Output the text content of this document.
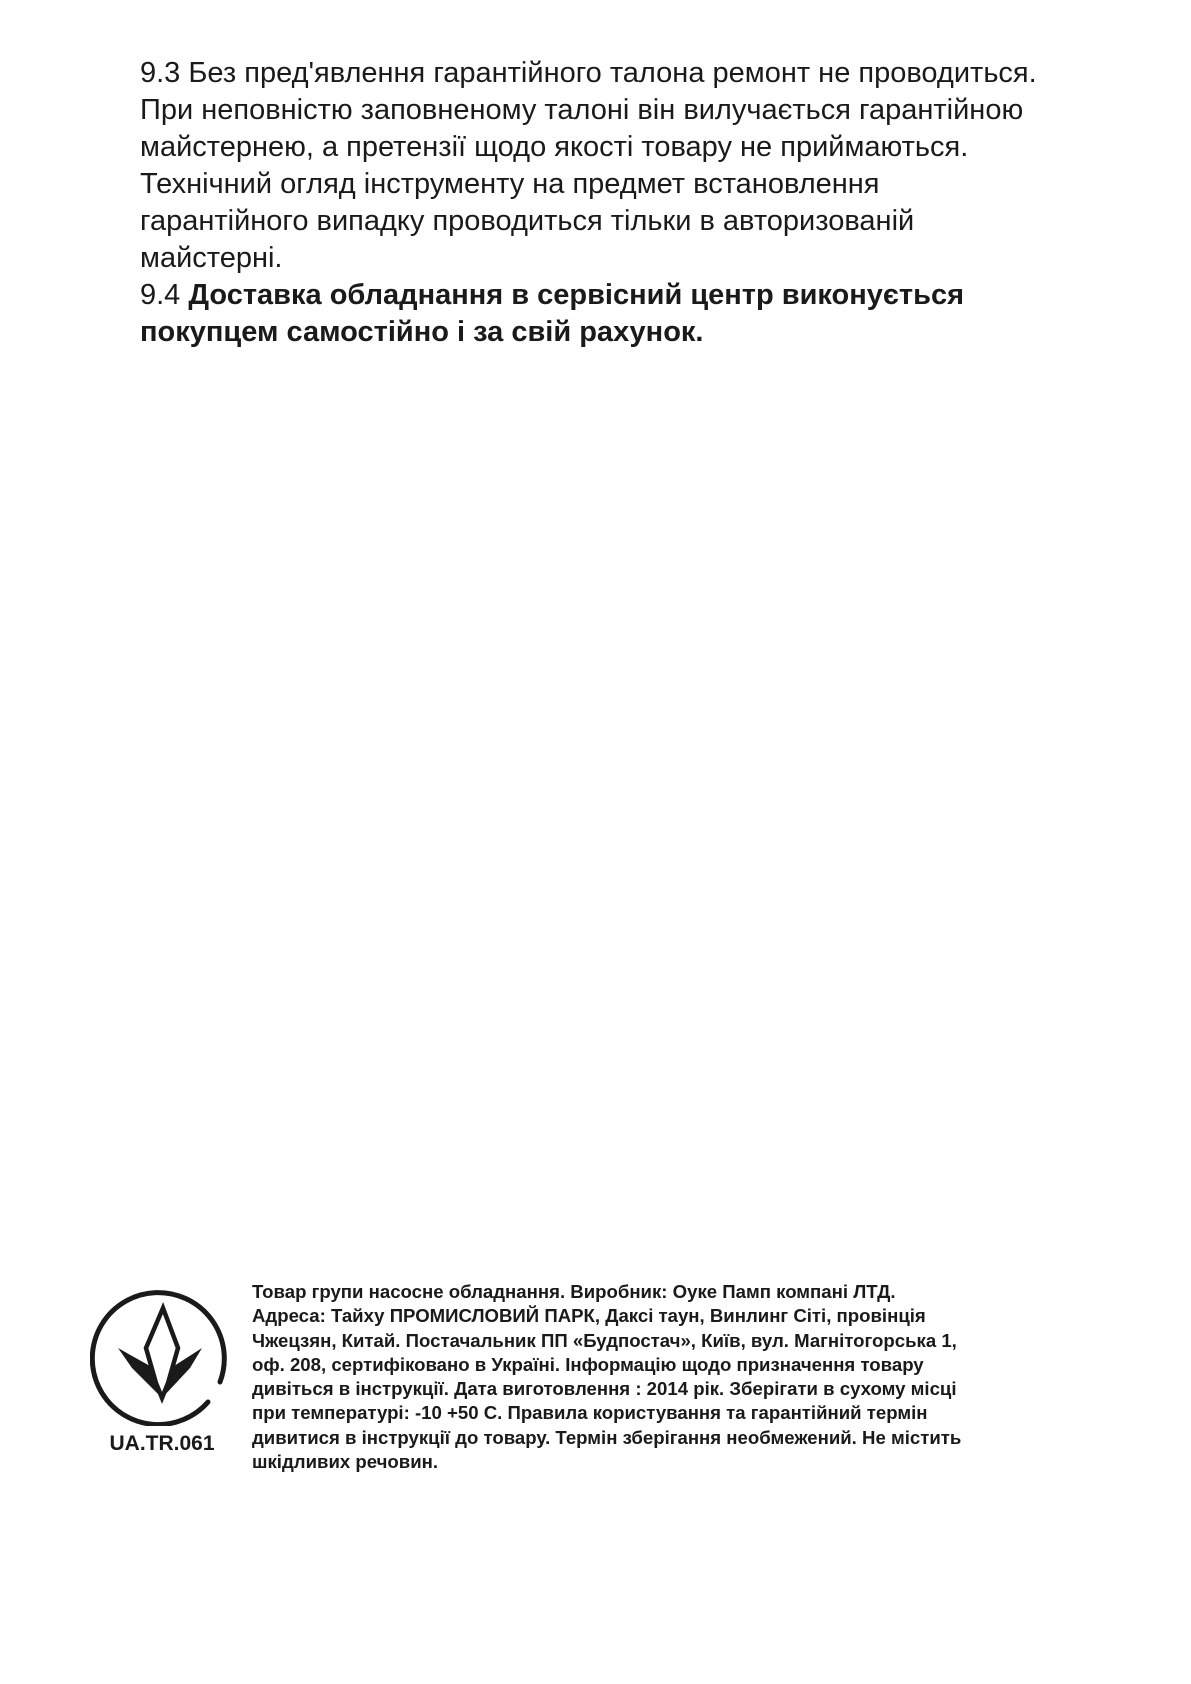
9.3 Без пред'явлення гарантійного талона ремонт не проводиться.
При неповністю заповненому талоні він вилучається гарантійною
майстернею, а претензії щодо якості товару не приймаються.
Технічний огляд інструменту на предмет встановлення
гарантійного випадку проводиться тільки в авторизованій
майстерні.

9.4 Доставка обладнання в сервісний центр виконується
покупцем самостійно і за свій рахунок.

UA.TR.061
Товар групи насосне обладнання. Виробник: Оуке Памп компані ЛТД.
Адреса: Тайху ПРОМИСЛОВИЙ ПАРК, Даксі таун, Винлинг Сіті, провінція
Чжецзян, Китай. Постачальник ПП «Будпостач», Київ, вул. Магнітогорська 1,
оф. 208, сертифіковано в Україні. Інформацію щодо призначення товару
дивіться в інструкції. Дата виготовлення : 2014 рік. Зберігати в сухому місці
при температурі: -10 +50 С. Правила користування та гарантійний термін
дивитися в інструкції до товару. Термін зберігання необмежений. Не містить
шкідливих речовин.
